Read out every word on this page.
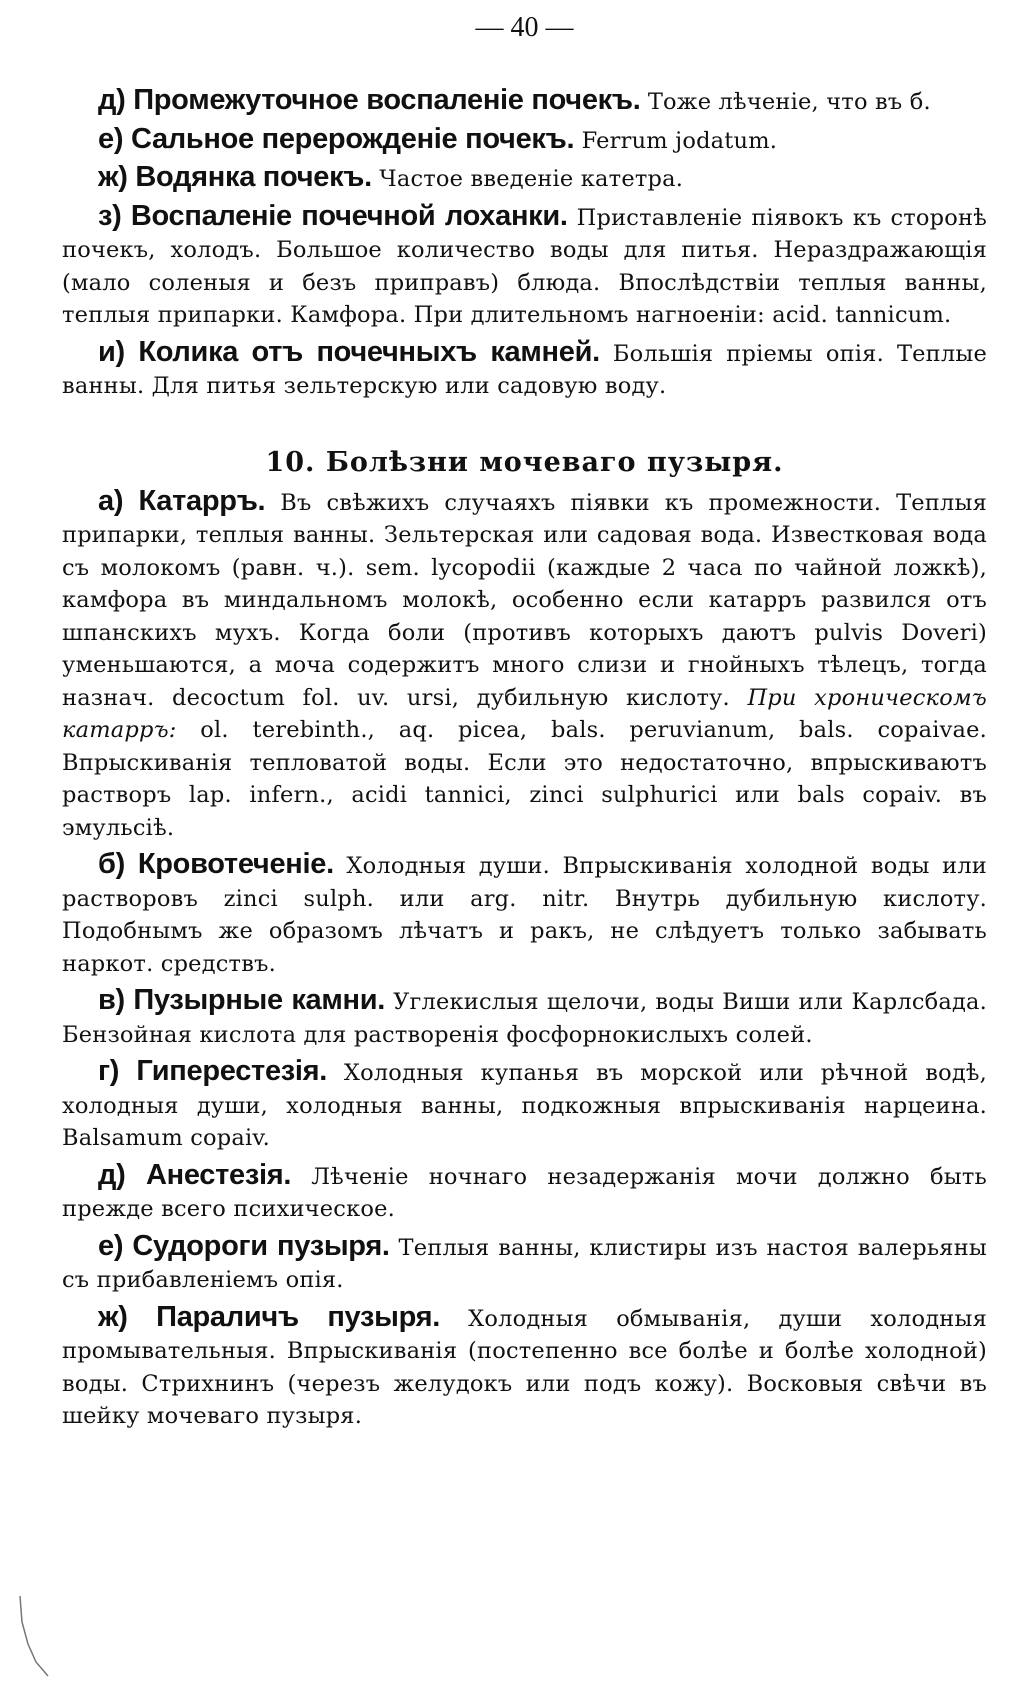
— 40 —

д) Промежуточное воспаленіе почекъ. Тоже лѣченіе, что въ б.

е) Сальное перерожденіе почекъ. Ferrum jodatum.

ж) Водянка почекъ. Частое введеніе катетра.

з) Воспаленіе почечной лоханки. Приставленіе піявокъ къ сторонѣ почекъ, холодъ. Большое количество воды для питья. Нераздражающія (мало соленыя и безъ приправъ) блюда. Впослѣдствіи теплыя ванны, теплыя припарки. Камфора. При длительномъ нагноеніи: acid. tannicum.

и) Колика отъ почечныхъ камней. Большія пріемы опія. Теплые ванны. Для питья зельтерскую или садовую воду.

10. Болѣзни мочеваго пузыря.

а) Катарръ. Въ свѣжихъ случаяхъ піявки къ промежности. Теплыя припарки, теплыя ванны. Зельтерская или садовая вода. Известковая вода съ молокомъ (равн. ч.). sem. lycopodii (каждые 2 часа по чайной ложкѣ), камфора въ миндальномъ молокѣ, особенно если катарръ развился отъ шпанскихъ мухъ. Когда боли (противъ которыхъ даютъ pulvis Doveri) уменьшаются, а моча содержитъ много слизи и гнойныхъ тѣлецъ, тогда назнач. decoctum fol. uv. ursi, дубильную кислоту. При хроническомъ катарръ: ol. terebinth., aq. picea, bals. peruvianum, bals. copaivae. Впрыскиванія тепловатой воды. Если это недостаточно, впрыскиваютъ растворъ lap. infern., acidi tannici, zinci sulphurici или bals copaiv. въ эмульсіѣ.

б) Кровотеченіе. Холодныя души. Впрыскиванія холодной воды или растворовъ zinci sulph. или arg. nitr. Внутрь дубильную кислоту. Подобнымъ же образомъ лѣчатъ и ракъ, не слѣдуетъ только забывать наркот. средствъ.

в) Пузырные камни. Углекислыя щелочи, воды Виши или Карлсбада. Бензойная кислота для растворенія фосфорнокислыхъ солей.

г) Гиперестезія. Холодныя купанья въ морской или рѣчной водѣ, холодныя души, холодныя ванны, подкожныя впрыскиванія нарцеина. Balsamum copaiv.

д) Анестезія. Лѣченіе ночнаго незадержанія мочи должно быть прежде всего психическое.

е) Судороги пузыря. Теплыя ванны, клистиры изъ настоя валерьяны съ прибавленіемъ опія.

ж) Параличъ пузыря. Холодныя обмыванія, души холодныя промывательныя. Впрыскиванія (постепенно все болѣе и болѣе холодной) воды. Стрихнинъ (черезъ желудокъ или подъ кожу). Восковыя свѣчи въ шейку мочеваго пузыря.
